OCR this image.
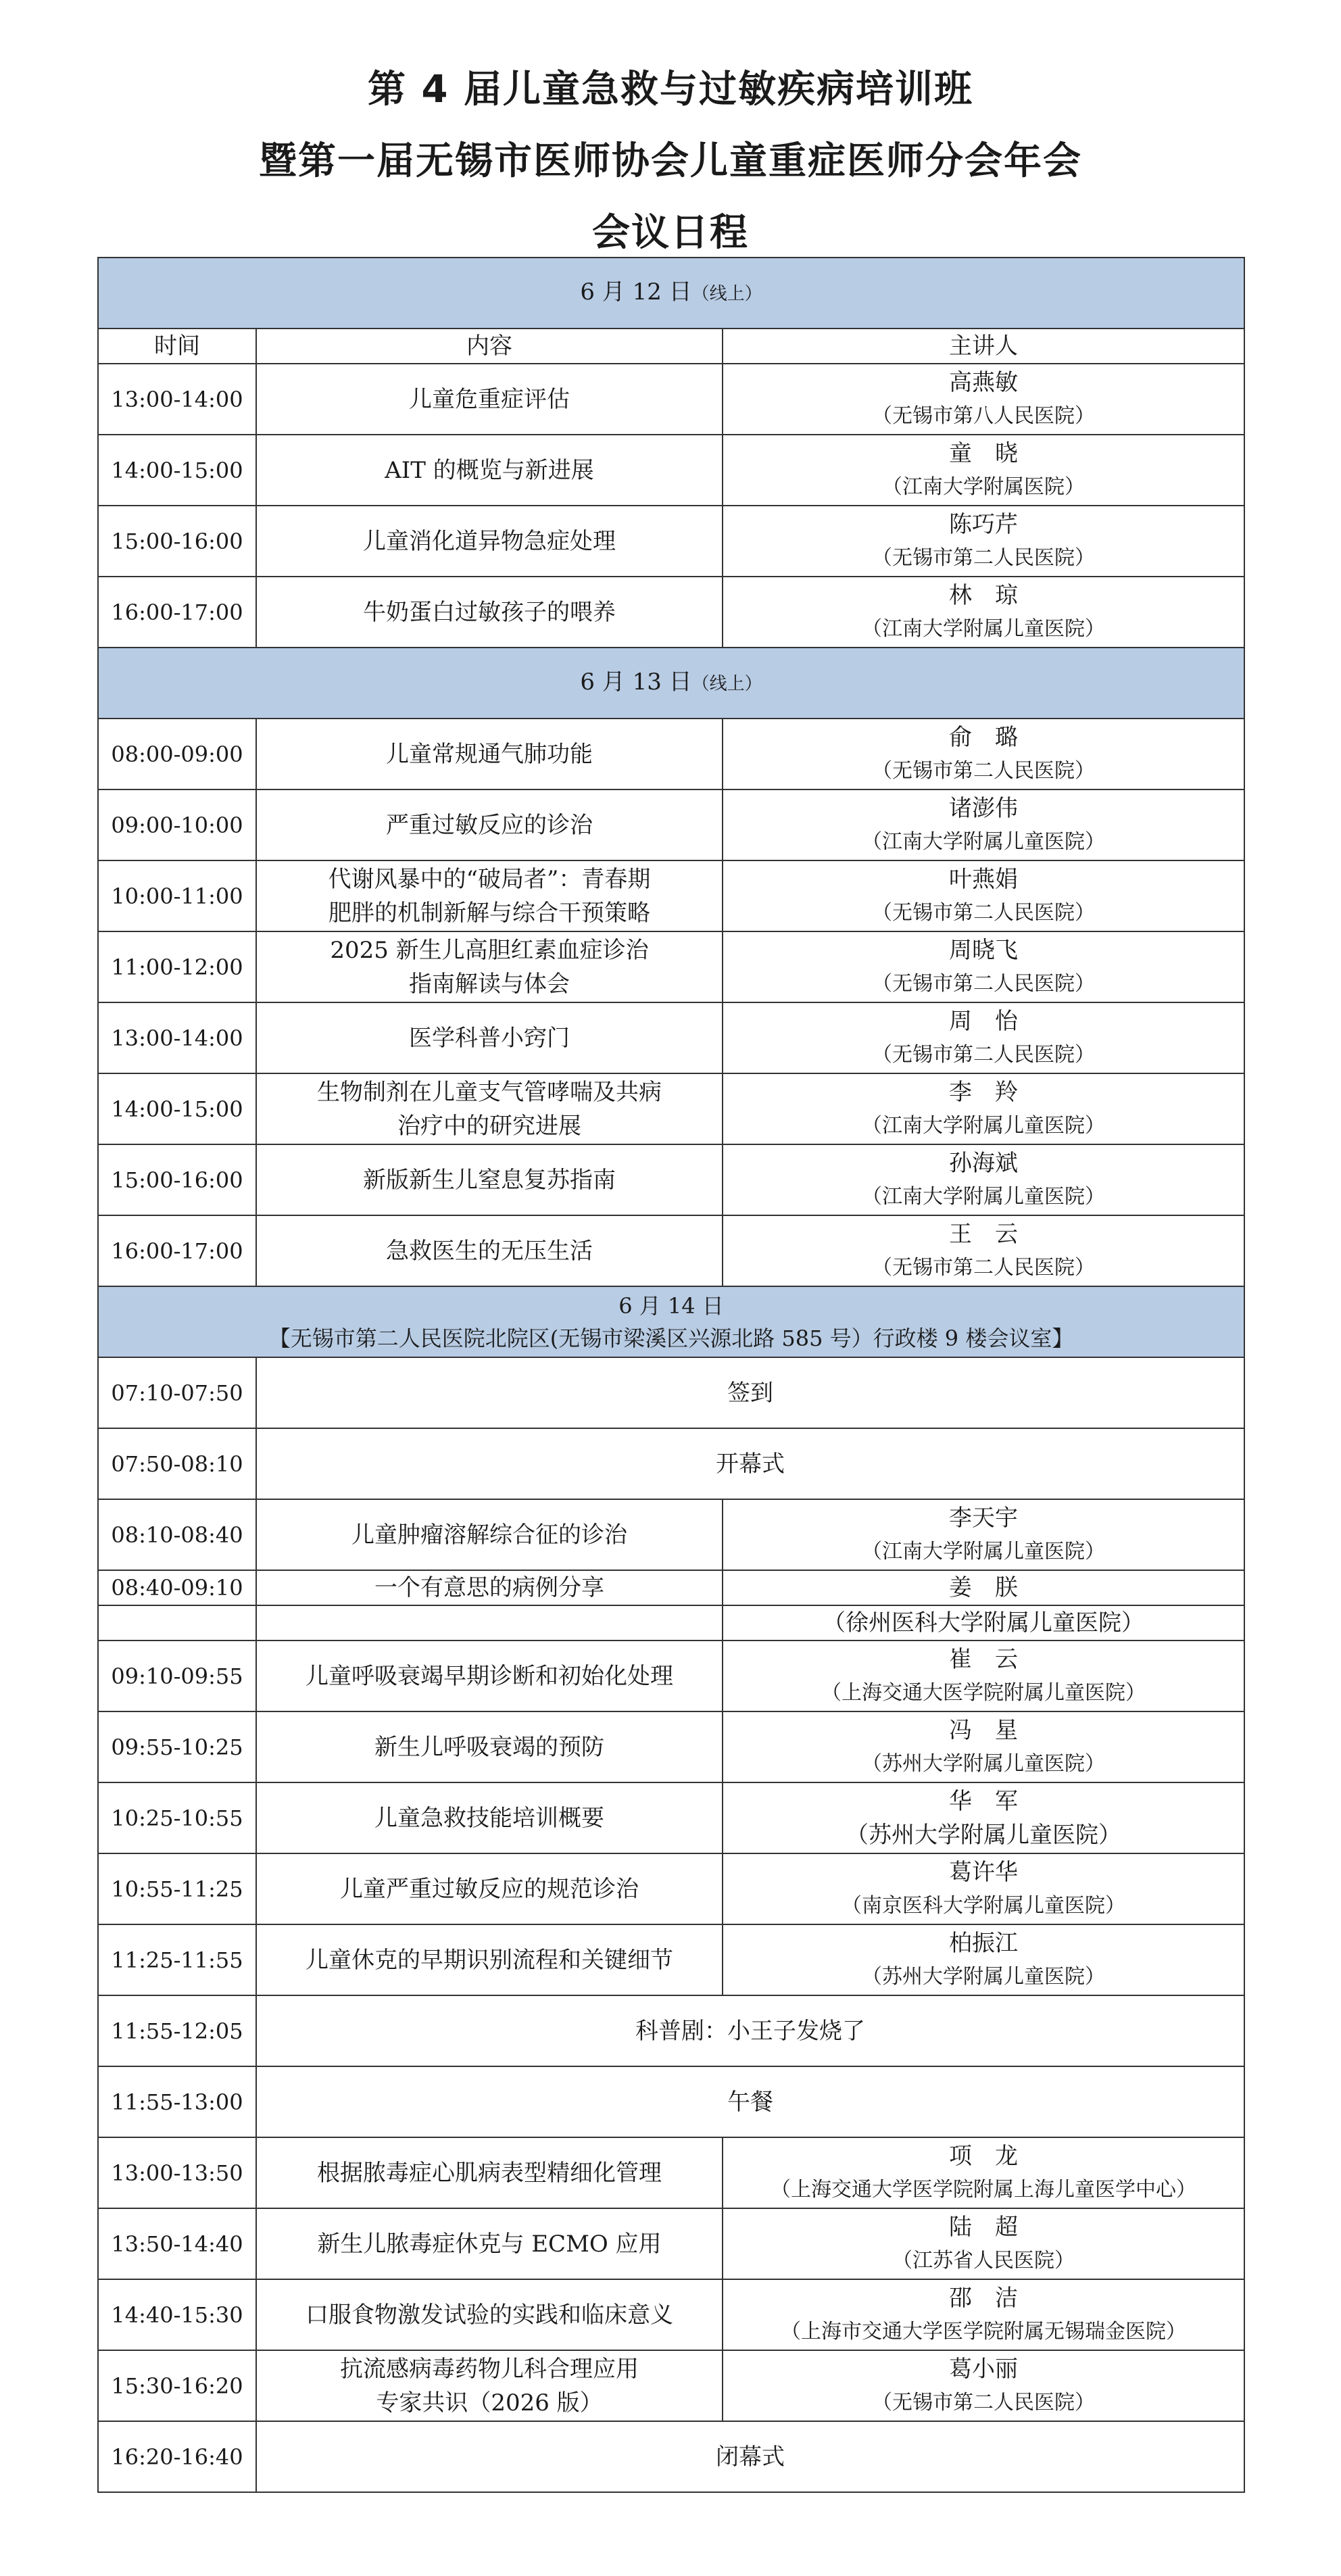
第 4 届儿童急救与过敏疾病培训班
暨第一届无锡市医师协会儿童重症医师分会年会
会议日程
6 月 12 日（线上）		
时间	内容	主讲人
13:00-14:00	儿童危重症评估	高燕敏
（无锡市第八人民医院）

14:00-15:00	AIT 的概览与新进展	童　晓
（江南大学附属医院）

15:00-16:00	儿童消化道异物急症处理	陈巧芹
（无锡市第二人民医院）

16:00-17:00	牛奶蛋白过敏孩子的喂养	林　琼
（江南大学附属儿童医院）

6 月 13 日（线上）		
08:00-09:00	儿童常规通气肺功能	俞　璐
（无锡市第二人民医院）

09:00-10:00	严重过敏反应的诊治	诸澎伟
（江南大学附属儿童医院）

10:00-11:00	代谢风暴中的“破局者”：青春期
肥胖的机制新解与综合干预策略	叶燕娟
（无锡市第二人民医院）

11:00-12:00	2025 新生儿高胆红素血症诊治
指南解读与体会	周晓飞
（无锡市第二人民医院）

13:00-14:00	医学科普小窍门	周　怡
（无锡市第二人民医院）

14:00-15:00	生物制剂在儿童支气管哮喘及共病
治疗中的研究进展	李　羚
（江南大学附属儿童医院）

15:00-16:00	新版新生儿窒息复苏指南	孙海斌
（江南大学附属儿童医院）

16:00-17:00	急救医生的无压生活	王　云
（无锡市第二人民医院）

6 月 14 日
【无锡市第二人民医院北院区(无锡市梁溪区兴源北路 585 号）行政楼 9 楼会议室】		

07:10-07:50	签到	
07:50-08:10	开幕式	
08:10-08:40	儿童肿瘤溶解综合征的诊治	李天宇
（江南大学附属儿童医院）

08:40-09:10	一个有意思的病例分享	姜　朕
		（徐州医科大学附属儿童医院）
09:10-09:55	儿童呼吸衰竭早期诊断和初始化处理	崔　云
（上海交通大医学院附属儿童医院）

09:55-10:25	新生儿呼吸衰竭的预防	冯　星
（苏州大学附属儿童医院）

10:25-10:55	儿童急救技能培训概要	华　军
（苏州大学附属儿童医院）

10:55-11:25	儿童严重过敏反应的规范诊治	葛许华
（南京医科大学附属儿童医院）

11:25-11:55	儿童休克的早期识别流程和关键细节	柏振江
（苏州大学附属儿童医院）

11:55-12:05	科普剧：小王子发烧了	
11:55-13:00	午餐	
13:00-13:50	根据脓毒症心肌病表型精细化管理	项　龙
（上海交通大学医学院附属上海儿童医学中心）

13:50-14:40	新生儿脓毒症休克与 ECMO 应用	陆　超
（江苏省人民医院）

14:40-15:30	口服食物激发试验的实践和临床意义	邵　洁
（上海市交通大学医学院附属无锡瑞金医院）

15:30-16:20	抗流感病毒药物儿科合理应用
专家共识（2026 版）	葛小丽
（无锡市第二人民医院）

16:20-16:40	闭幕式	
